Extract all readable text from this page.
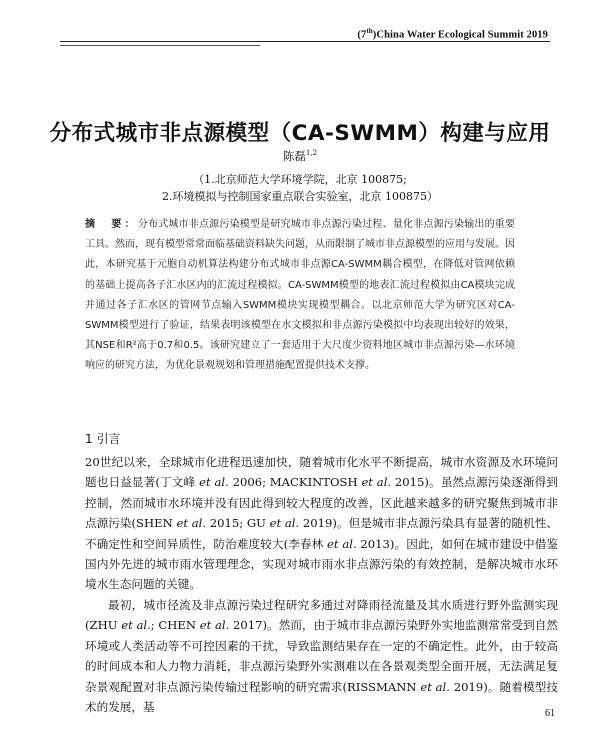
(7th)China Water Ecological Summit 2019
分布式城市非点源模型（CA-SWMM）构建与应用
陈磊$^{1,2}$
（1.北京师范大学环境学院，北京 100875;
2.环境模拟与控制国家重点联合实验室，北京 100875）
摘　要：分布式城市非点源污染模型是研究城市非点源污染过程、量化非点源污染输出的重要工具。然而，现有模型常常面临基础资料缺失问题，从而限制了城市非点源模型的应用与发展。因此，本研究基于元胞自动机算法构建分布式城市非点源CA-SWMM耦合模型，在降低对管网依赖的基础上提高各子汇水区内的汇流过程模拟。CA-SWMM模型的地表汇流过程模拟由CA模块完成并通过各子汇水区的管网节点输入SWMM模块实现模型耦合。以北京师范大学为研究区对CA-SWMM模型进行了验证，结果表明该模型在水文模拟和非点源污染模拟中均表现出较好的效果，其NSE和R²高于0.7和0.5。该研究建立了一套适用于大尺度少资料地区城市非点源污染—水环境响应的研究方法，为优化景观规划和管理措施配置提供技术支撑。
1 引言
20世纪以来，全球城市化进程迅速加快，随着城市化水平不断提高，城市水资源及水环境问题也日益显著(丁文峰 et al. 2006; MACKINTOSH et al. 2015)。虽然点源污染逐渐得到控制，然而城市水环境并没有因此得到较大程度的改善，区此越来越多的研究聚焦到城市非点源污染(SHEN et al. 2015; GU et al. 2019)。但是城市非点源污染具有显著的随机性、不确定性和空间异质性，防治难度较大(李春林 et al. 2013)。因此，如何在城市建设中借鉴国内外先进的城市雨水管理理念，实现对城市雨水非点源污染的有效控制，是解决城市水环境水生态问题的关键。
最初，城市径流及非点源污染过程研究多通过对降雨径流量及其水质进行野外监测实现(ZHU et al.; CHEN et al. 2017)。然而，由于城市非点源污染野外实地监测常常受到自然环境或人类活动等不可控因素的干扰，导致监测结果存在一定的不确定性。此外，由于较高的时间成本和人力物力消耗，非点源污染野外实测难以在各景观类型全面开展，无法满足复杂景观配置对非点源污染传输过程影响的研究需求(RISSMANN et al. 2019)。随着模型技术的发展，基	61
